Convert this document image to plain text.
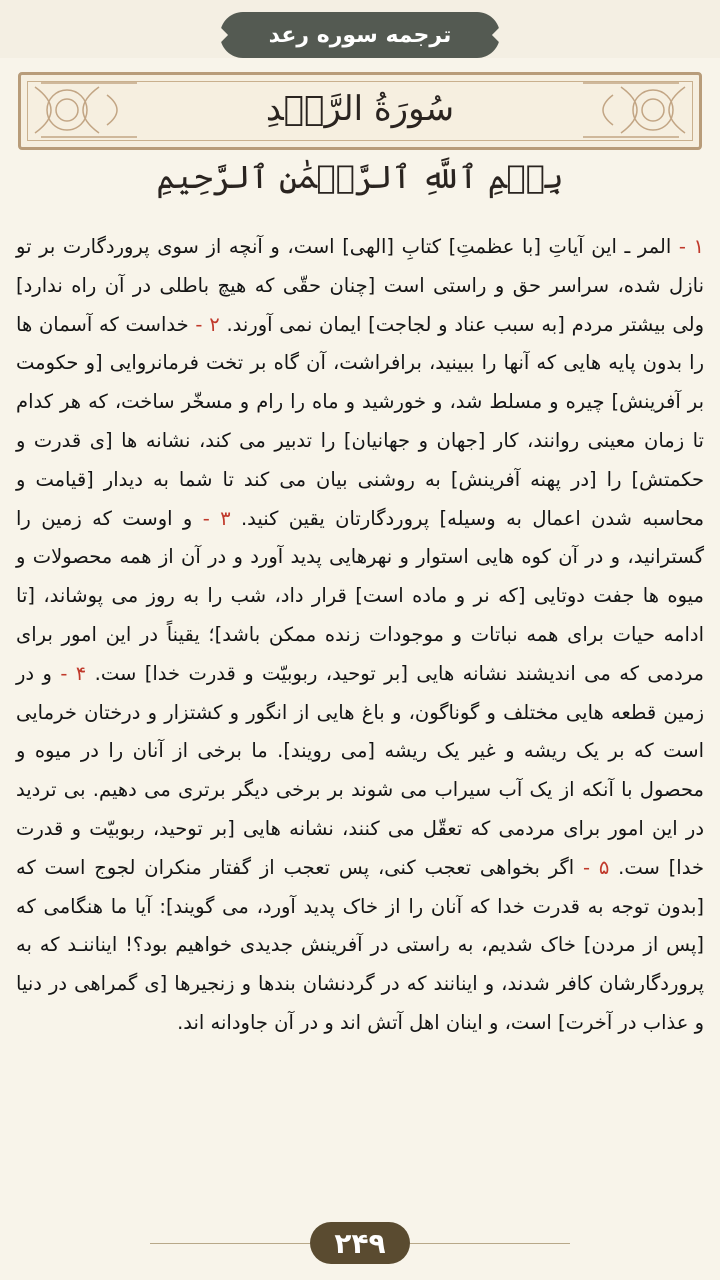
ترجمه سوره رعد
سُورَةُ الرَّعۡدِ
بِسۡمِ ٱللَّهِ ٱلرَّحۡمَٰنِ ٱلرَّحِيمِ
۱ - المر ـ این آیاتِ [با عظمتِ] کتابِ [الهی] است، و آنچه از سوی پروردگارت بر تو نازل شده، سراسر حق و راستی است [چنان حقّی که هیچ باطلی در آن راه ندارد] ولی بیشتر مردم [به سبب عناد و لجاجت] ایمان نمی آورند. ۲ - خداست که آسمان ها را بدون پایه هایی که آنها را ببینید، برافراشت، آن گاه بر تخت فرمانروایی [و حکومت بر آفرینش] چیره و مسلط شد، و خورشید و ماه را رام و مسخّر ساخت، که هر کدام تا زمان معینی روانند، کار [جهان و جهانیان] را تدبیر می کند، نشانه ها [ی قدرت و حکمتش] را [در پهنه آفرینش] به روشنی بیان می کند تا شما به دیدار [قیامت و محاسبه شدن اعمال به وسیله] پروردگارتان یقین کنید. ۳ - و اوست که زمین را گسترانید، و در آن کوه هایی استوار و نهرهایی پدید آورد و در آن از همه محصولات و میوه ها جفت دوتایی [که نر و ماده است] قرار داد، شب را به روز می پوشاند، [تا ادامه حیات برای همه نباتات و موجودات زنده ممکن باشد]؛ یقیناً در این امور برای مردمی که می اندیشند نشانه هایی [بر توحید، ربوبیّت و قدرت خدا] ست. ۴ - و در زمین قطعه هایی مختلف و گوناگون، و باغ هایی از انگور و کشتزار و درختان خرمایی است که بر یک ریشه و غیر یک ریشه [می رویند]. ما برخی از آنان را در میوه و محصول با آنکه از یک آب سیراب می شوند بر برخی دیگر برتری می دهیم. بی تردید در این امور برای مردمی که تعقّل می کنند، نشانه هایی [بر توحید، ربوبیّت و قدرت خدا] ست. ۵ - اگر بخواهی تعجب کنی، پس تعجب از گفتار منکران لجوج است که [بدون توجه به قدرت خدا که آنان را از خاک پدید آورد، می گویند]: آیا ما هنگامی که [پس از مردن] خاک شدیم، به راستی در آفرینش جدیدی خواهیم بود؟! ایناننـد که به پروردگارشان کافر شدند، و اینانند که در گردنشان بندها و زنجیرها [ی گمراهی در دنیا و عذاب در آخرت] است، و اینان اهل آتش اند و در آن جاودانه اند.
۲۴۹
